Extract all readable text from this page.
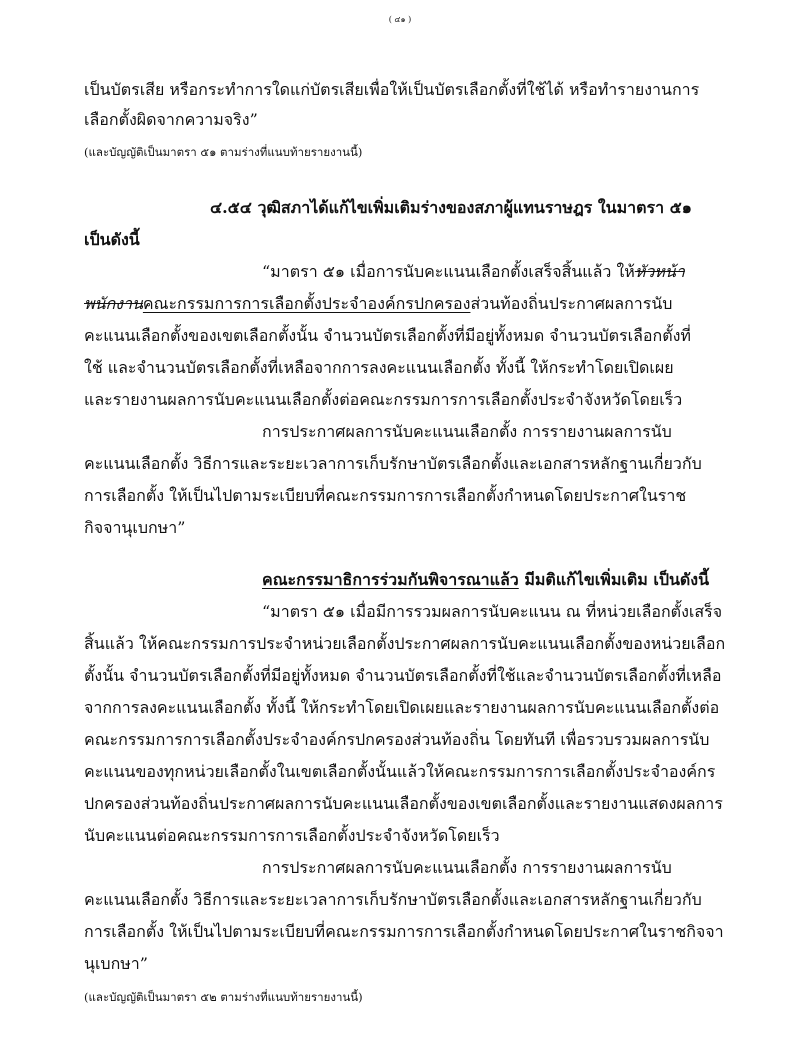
( ๔๑ )
เป็นบัตรเสีย หรือกระทำการใดแก่บัตรเสียเพื่อให้เป็นบัตรเลือกตั้งที่ใช้ได้ หรือทำรายงานการ
เลือกตั้งผิดจากความจริง”
(และบัญญัติเป็นมาตรา ๕๑ ตามร่างที่แนบท้ายรายงานนี้)
๔.๕๔ วุฒิสภาได้แก้ไขเพิ่มเติมร่างของสภาผู้แทนราษฎร ในมาตรา ๕๑
เป็นดังนี้
“มาตรา ๕๑ เมื่อการนับคะแนนเลือกตั้งเสร็จสิ้นแล้ว ให้หัวหน้า
พนักงานคณะกรรมการการเลือกตั้งประจำองค์กรปกครองส่วนท้องถิ่นประกาศผลการนับ
คะแนนเลือกตั้งของเขตเลือกตั้งนั้น จำนวนบัตรเลือกตั้งที่มีอยู่ทั้งหมด จำนวนบัตรเลือกตั้งที่
ใช้ และจำนวนบัตรเลือกตั้งที่เหลือจากการลงคะแนนเลือกตั้ง ทั้งนี้ ให้กระทำโดยเปิดเผย
และรายงานผลการนับคะแนนเลือกตั้งต่อคณะกรรมการการเลือกตั้งประจำจังหวัดโดยเร็ว
การประกาศผลการนับคะแนนเลือกตั้ง การรายงานผลการนับ
คะแนนเลือกตั้ง วิธีการและระยะเวลาการเก็บรักษาบัตรเลือกตั้งและเอกสารหลักฐานเกี่ยวกับ
การเลือกตั้ง ให้เป็นไปตามระเบียบที่คณะกรรมการการเลือกตั้งกำหนดโดยประกาศในราช
กิจจานุเบกษา”
คณะกรรมาธิการร่วมกันพิจารณาแล้ว มีมติแก้ไขเพิ่มเติม เป็นดังนี้
“มาตรา ๕๑ เมื่อมีการรวมผลการนับคะแนน ณ ที่หน่วยเลือกตั้งเสร็จ
สิ้นแล้ว ให้คณะกรรมการประจำหน่วยเลือกตั้งประกาศผลการนับคะแนนเลือกตั้งของหน่วยเลือก
ตั้งนั้น จำนวนบัตรเลือกตั้งที่มีอยู่ทั้งหมด จำนวนบัตรเลือกตั้งที่ใช้และจำนวนบัตรเลือกตั้งที่เหลือ
จากการลงคะแนนเลือกตั้ง ทั้งนี้ ให้กระทำโดยเปิดเผยและรายงานผลการนับคะแนนเลือกตั้งต่อ
คณะกรรมการการเลือกตั้งประจำองค์กรปกครองส่วนท้องถิ่น โดยทันที เพื่อรวบรวมผลการนับ
คะแนนของทุกหน่วยเลือกตั้งในเขตเลือกตั้งนั้นแล้วให้คณะกรรมการการเลือกตั้งประจำองค์กร
ปกครองส่วนท้องถิ่นประกาศผลการนับคะแนนเลือกตั้งของเขตเลือกตั้งและรายงานแสดงผลการ
นับคะแนนต่อคณะกรรมการการเลือกตั้งประจำจังหวัดโดยเร็ว
การประกาศผลการนับคะแนนเลือกตั้ง การรายงานผลการนับ
คะแนนเลือกตั้ง วิธีการและระยะเวลาการเก็บรักษาบัตรเลือกตั้งและเอกสารหลักฐานเกี่ยวกับ
การเลือกตั้ง ให้เป็นไปตามระเบียบที่คณะกรรมการการเลือกตั้งกำหนดโดยประกาศในราชกิจจา
นุเบกษา”
(และบัญญัติเป็นมาตรา ๕๒ ตามร่างที่แนบท้ายรายงานนี้)
